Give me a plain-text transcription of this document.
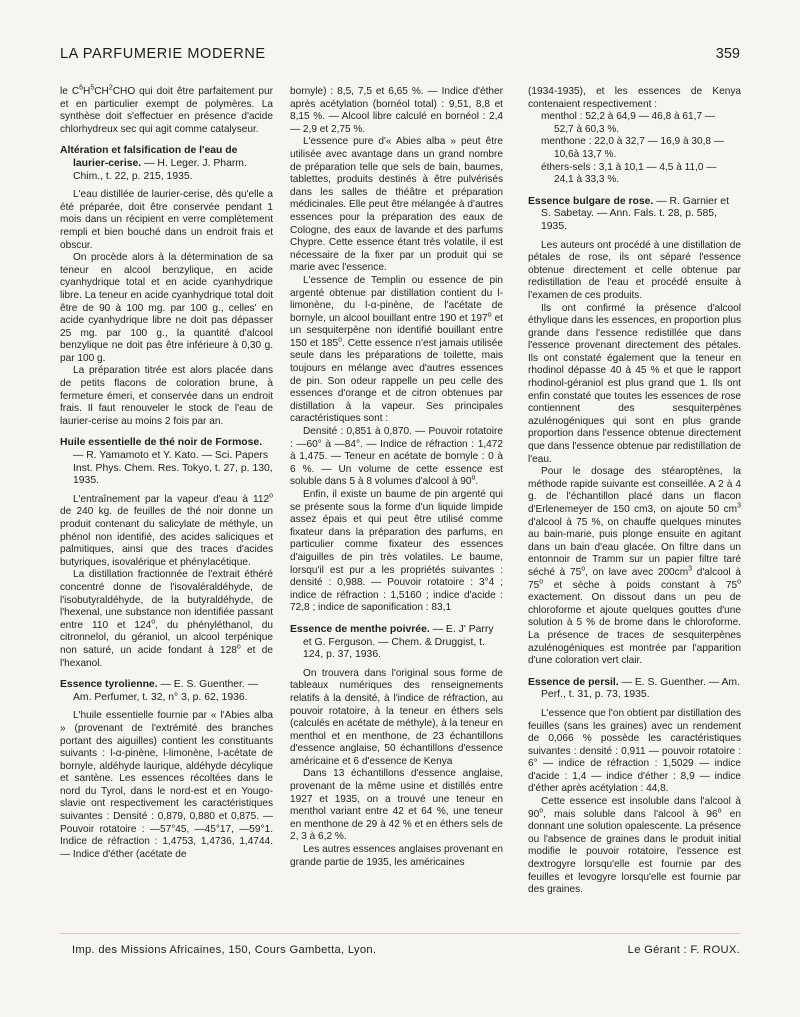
LA PARFUMERIE MODERNE	359

le $C^6H^5CH^2CHO$ qui doit être parfaitement pur et en particulier exempt de polymères. La synthèse doit s'effectuer en présence d'acide chlorhydreux sec qui agit comme catalyseur.

Altération et falsification de l'eau de laurier-cerise. — H. Leger. J. Pharm. Chim., t. 22, p. 215, 1935.

L'eau distillée de laurier-cerise, dès qu'elle a été préparée, doit être conservée pendant 1 mois dans un récipient en verre complètement rempli et bien bouché dans un endroit frais et obscur.

On procède alors à la détermination de sa teneur en alcool benzylique, en acide cyanhydrique total et en acide cyanhydrique libre. La teneur en acide cyanhydrique total doit être de 90 à 100 mg. par 100 g., celles' en acide cyanhydrique libre ne doit pas dépasser 25 mg. par 100 g., la quantité d'alcool benzylique ne doit pas être inférieure à 0,30 g. par 100 g.

La préparation titrée est alors placée dans de petits flacons de coloration brune, à fermeture émeri, et conservée dans un endroit frais. Il faut renouveler le stock de l'eau de laurier-cerise au moins 2 fois par an.

Huile essentielle de thé noir de Formose. — R. Yamamoto et Y. Kato. — Sci. Papers Inst. Phys. Chem. Res. Tokyo, t. 27, p. 130, 1935.

L'entraînement par la vapeur d'eau à 112$^o$ de 240 kg. de feuilles de thé noir donne un produit contenant du salicylate de méthyle, un phénol non identifié, des acides saliciques et palmitiques, ainsi que des traces d'acides butyriques, isovalérique et phénylacétique.

La distillation fractionnée de l'extrait éthéré concentré donne de l'isovaléraldéhyde, de l'isobutyraldéhyde, de la butyraldéhyde, de l'hexenal, une substance non identifiée passant entre 110 et 124$^o$, du phényléthanol, du citronnelol, du géraniol, un alcool terpénique non saturé, un acide fondant à 128$^o$ et de l'hexanol.

Essence tyrolienne. — E. S. Guenther. — Am. Perfumer, t. 32, n° 3, p. 62, 1936.

L'huile essentielle fournie par « l'Abies alba » (provenant de l'extrémité des branches portant des aiguilles) contient les constituants suivants : l-α-pinène, l-limonène, l-acétate de bornyle, aldéhyde laurique, aldéhyde décylique et santène. Les essences récoltées dans le nord du Tyrol, dans le nord-est et en Yougo-slavie ont respectivement les caractéristiques suivantes : Densité : 0,879, 0,880 et 0,875. — Pouvoir rotatoire : —57°45, —45°17, —59°1. Indice de réfraction : 1,4753, 1,4736, 1,4744. — Indice d'éther (acétate de

bornyle) : 8,5, 7,5 et 6,65 %. — Indice d'éther après acétylation (bornéol total) : 9,51, 8,8 et 8,15 %. — Alcool libre calculé en bornéol : 2,4 — 2,9 et 2,75 %.

L'essence pure d'« Abies alba » peut être utilisée avec avantage dans un grand nombre de préparation telle que sels de bain, baumes, tablettes, produits destinés à être pulvérisés dans les salles de théâtre et préparation médicinales. Elle peut être mélangée à d'autres essences pour la préparation des eaux de Cologne, des eaux de lavande et des parfums Chypre. Cette essence étant très volatile, il est nécessaire de la fixer par un produit qui se marie avec l'essence.

L'essence de Templin ou essence de pin argenté obtenue par distillation contient du l-limonène, du l-α-pinène, de l'acétate de bornyle, un alcool bouillant entre 190 et 197$^o$ et un sesquiterpène non identifié bouillant entre 150 et 185$^o$. Cette essence n'est jamais utilisée seule dans les préparations de toilette, mais toujours en mélange avec d'autres essences de pin. Son odeur rappelle un peu celle des essences d'orange et de citron obtenues par distillation à la vapeur. Ses principales caractéristiques sont :

Densité : 0,851 à 0,870. — Pouvoir rotatoire : —60° à —84°. — Indice de réfraction : 1,472 à 1,475. — Teneur en acétate de bornyle : 0 à 6 %. — Un volume de cette essence est soluble dans 5 à 8 volumes d'alcool à 90$^o$.

Enfin, il existe un baume de pin argenté qui se présente sous la forme d'un liquide limpide assez épais et qui peut être utilisé comme fixateur dans la préparation des parfums, en particulier comme fixateur des essences d'aiguilles de pin très volatiles. Le baume, lorsqu'il est pur a les propriétés suivantes : densité : 0,988. — Pouvoir rotatoire : 3°4 ; indice de réfraction : 1,5160 ; indice d'acide : 72,8 ; indice de saponification : 83,1

Essence de menthe poivrée. — E. J' Parry et G. Ferguson. — Chem. & Druggist, t. 124, p. 37, 1936.

On trouvera dans l'original sous forme de tableaux numériques des renseignements relatifs à la densité, à l'indice de réfraction, au pouvoir rotatoire, à la teneur en éthers sels (calculés en acétate de méthyle), à la teneur en menthol et en menthone, de 23 échantillons d'essence anglaise, 50 échantillons d'essence américaine et 6 d'essence de Kenya

Dans 13 échantillons d'essence anglaise, provenant de la même usine et distillés entre 1927 et 1935, on a trouvé une teneur en menthol variant entre 42 et 64 %, une teneur en menthone de 29 à 42 % et en éthers sels de 2, 3 à 6,2 %.

Les autres essences anglaises provenant en grande partie de 1935, les américaines

(1934-1935), et les essences de Kenya contenaient respectivement :

menthol : 52,2 à 64,9 — 46,8 à 61,7 —

52,7 à 60,3 %.

menthone : 22,0 à 32,7 — 16,9 à 30,8 —

10,6à 13,7 %.

éthers-sels : 3,1 à 10,1 — 4,5 à 11,0 —

24,1 à 33,3 %.

Essence bulgare de rose. — R. Garnier et S. Sabetay. — Ann. Fals. t. 28, p. 585, 1935.

Les auteurs ont procédé à une distillation de pétales de rose, ils ont séparé l'essence obtenue directement et celle obtenue par redistillation de l'eau et procédé ensuite à l'examen de ces produits.

Ils ont confirmé la présence d'alcool éthylique dans les essences, en proportion plus grande dans l'essence redistillée que dans l'essence provenant directement des pétales. Ils ont constaté également que la teneur en rhodinol dépasse 40 à 45 % et que le rapport rhodinol-géraniol est plus grand que 1. Ils ont enfin constaté que toutes les essences de rose contiennent des sesquiterpènes azulénogéniques qui sont en plus grande proportion dans l'essence obtenue directement que dans l'essence obtenue par redistillation de l'eau.

Pour le dosage des stéaroptènes, la méthode rapide suivante est conseillée. A 2 à 4 g. de l'échantillon placé dans un flacon d'Erlenemeyer de 150 cm3, on ajoute 50 $cm^3$ d'alcool à 75 %, on chauffe quelques minutes au bain-marie, puis plonge ensuite en agitant dans un bain d'eau glacée. On filtre dans un entonnoir de Tramm sur un papier filtre taré séché à 75$^o$, on lave avec $200cm^3$ d'alcool à 75$^o$ et sèche à poids constant à 75$^o$ exactement. On dissout dans un peu de chloroforme et ajoute quelques gouttes d'une solution à 5 % de brome dans le chloroforme. La présence de traces de sesquiterpènes azulénogéniques est montrée par l'apparition d'une coloration vert clair.

Essence de persil. — E. S. Guenther. — Am. Perf., t. 31, p. 73, 1935.

L'essence que l'on obtient par distillation des feuilles (sans les graines) avec un rendement de 0,066 % possède les caractéristiques suivantes : densité : 0,911 — pouvoir rotatoire : 6° — indice de réfraction : 1,5029 — indice d'acide : 1,4 — indice d'éther : 8,9 — indice d'éther après acétylation : 44,8.

Cette essence est insoluble dans l'alcool à 90$^o$, mais soluble dans l'alcool à 96$^o$ en donnant une solution opalescente. La présence ou l'absence de graines dans le produit initial modifie le pouvoir rotatoire, l'essence est dextrogyre lorsqu'elle est fournie par des feuilles et levogyre lorsqu'elle est fournie par des graines.

Imp. des Missions Africaines, 150, Cours Gambetta, Lyon.	Le Gérant : F. ROUX.
